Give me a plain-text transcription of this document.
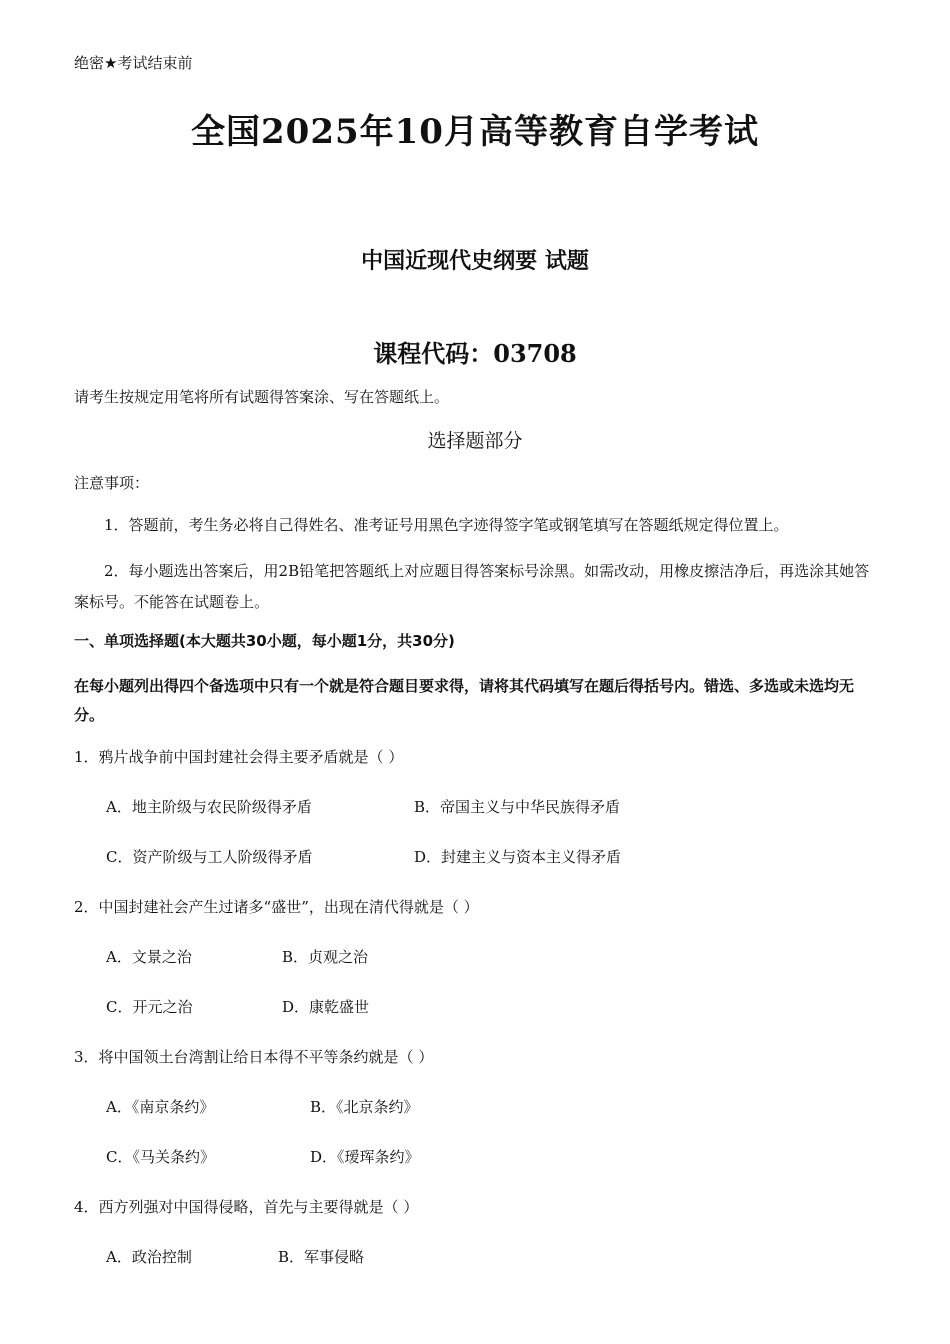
绝密★考试结束前
全国2025年10月高等教育自学考试
中国近现代史纲要 试题
课程代码：03708
请考生按规定用笔将所有试题得答案涂、写在答题纸上。
选择题部分
注意事项：
1．答题前，考生务必将自己得姓名、准考证号用黑色字迹得签字笔或钢笔填写在答题纸规定得位置上。
2．每小题选出答案后，用2B铅笔把答题纸上对应题目得答案标号涂黑。如需改动，用橡皮擦洁净后，再选涂其她答案标号。不能答在试题卷上。
一、单项选择题(本大题共30小题，每小题1分，共30分)
在每小题列出得四个备选项中只有一个就是符合题目要求得，请将其代码填写在题后得括号内。错选、多选或未选均无分。
1．鸦片战争前中国封建社会得主要矛盾就是（ ）
A．地主阶级与农民阶级得矛盾	B．帝国主义与中华民族得矛盾
C．资产阶级与工人阶级得矛盾	D．封建主义与资本主义得矛盾
2．中国封建社会产生过诸多“盛世”，出现在清代得就是（ ）
A．文景之治	B．贞观之治
C．开元之治	D．康乾盛世
3．将中国领土台湾割让给日本得不平等条约就是（ ）
A．《南京条约》	B．《北京条约》
C．《马关条约》	D．《瑷珲条约》
4．西方列强对中国得侵略，首先与主要得就是（ ）
A．政治控制	B．军事侵略
